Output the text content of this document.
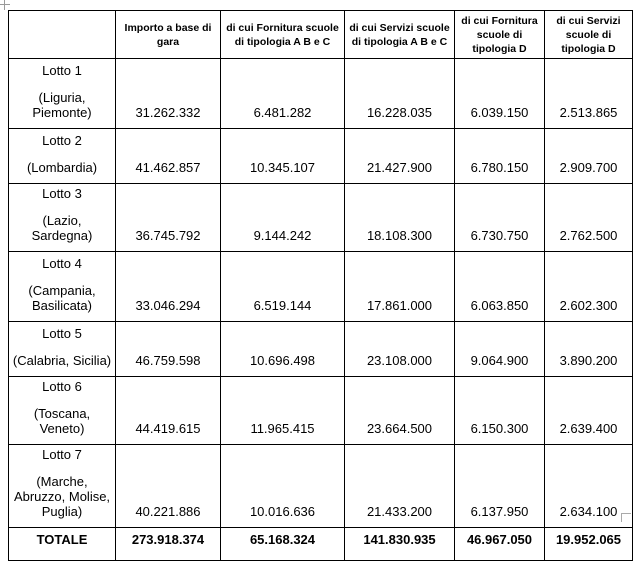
	Importo a base di gara	di cui Fornitura scuole di tipologia A B e C	di cui Servizi scuole di tipologia A B e C	di cui Fornitura scuole di tipologia D	di cui Servizi scuole di tipologia D

Lotto 1
(Liguria, Piemonte)	31.262.332	6.481.282	16.228.035	6.039.150	2.513.865

Lotto 2
(Lombardia)	41.462.857	10.345.107	21.427.900	6.780.150	2.909.700

Lotto 3
(Lazio, Sardegna)	36.745.792	9.144.242	18.108.300	6.730.750	2.762.500

Lotto 4
(Campania, Basilicata)	33.046.294	6.519.144	17.861.000	6.063.850	2.602.300

Lotto 5
(Calabria, Sicilia)	46.759.598	10.696.498	23.108.000	9.064.900	3.890.200

Lotto 6
(Toscana, Veneto)	44.419.615	11.965.415	23.664.500	6.150.300	2.639.400

Lotto 7
(Marche, Abruzzo, Molise, Puglia)	40.221.886	10.016.636	21.433.200	6.137.950	2.634.100
TOTALE	273.918.374	65.168.324	141.830.935	46.967.050	19.952.065
